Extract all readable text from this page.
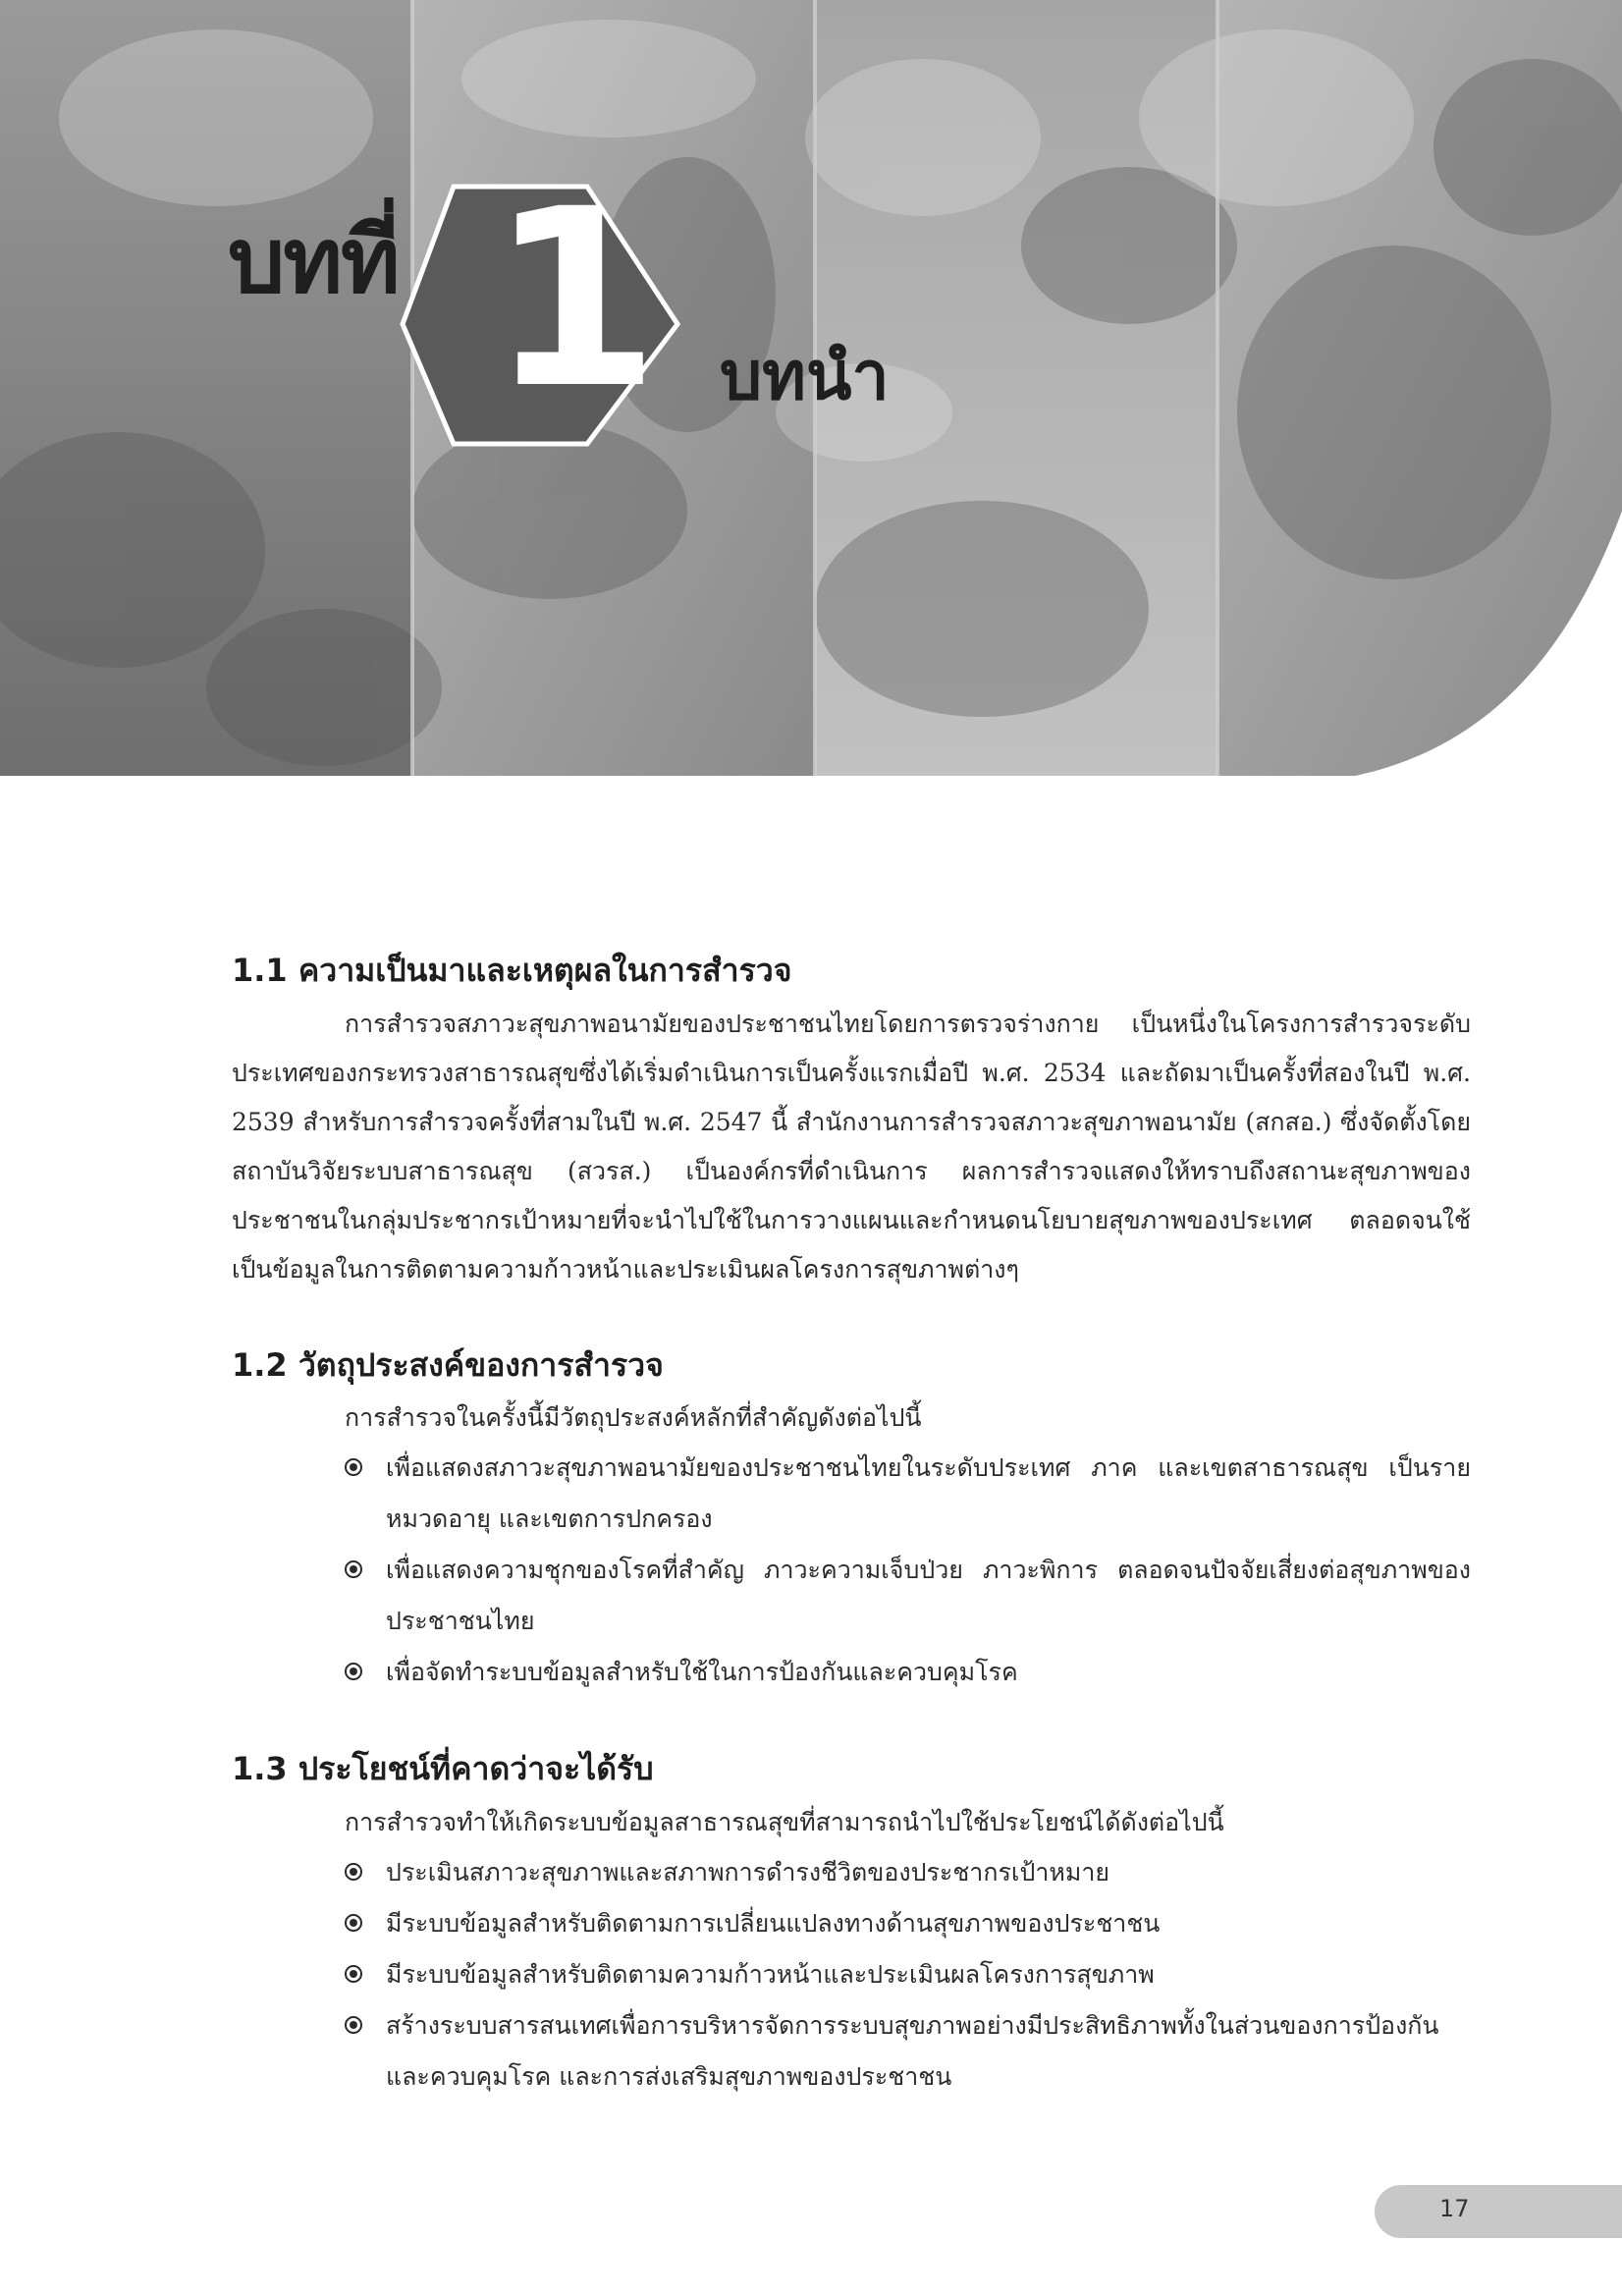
บทที่ 1 บทนำ
1.1 ความเป็นมาและเหตุผลในการสำรวจ

การสำรวจสภาวะสุขภาพอนามัยของประชาชนไทยโดยการตรวจร่างกาย เป็นหนึ่งในโครงการสำรวจระดับประเทศของกระทรวงสาธารณสุขซึ่งได้เริ่มดำเนินการเป็นครั้งแรกเมื่อปี พ.ศ. 2534 และถัดมาเป็นครั้งที่สองในปี พ.ศ. 2539 สำหรับการสำรวจครั้งที่สามในปี พ.ศ. 2547 นี้ สำนักงานการสำรวจสภาวะสุขภาพอนามัย (สกสอ.) ซึ่งจัดตั้งโดยสถาบันวิจัยระบบสาธารณสุข (สวรส.) เป็นองค์กรที่ดำเนินการ ผลการสำรวจแสดงให้ทราบถึงสถานะสุขภาพของประชาชนในกลุ่มประชากรเป้าหมายที่จะนำไปใช้ในการวางแผนและกำหนดนโยบายสุขภาพของประเทศ ตลอดจนใช้เป็นข้อมูลในการติดตามความก้าวหน้าและประเมินผลโครงการสุขภาพต่างๆ

1.2 วัตถุประสงค์ของการสำรวจ
การสำรวจในครั้งนี้มีวัตถุประสงค์หลักที่สำคัญดังต่อไปนี้
เพื่อแสดงสภาวะสุขภาพอนามัยของประชาชนไทยในระดับประเทศ ภาค และเขตสาธารณสุข เป็นรายหมวดอายุ และเขตการปกครอง
เพื่อแสดงความชุกของโรคที่สำคัญ ภาวะความเจ็บป่วย ภาวะพิการ ตลอดจนปัจจัยเสี่ยงต่อสุขภาพของประชาชนไทย
เพื่อจัดทำระบบข้อมูลสำหรับใช้ในการป้องกันและควบคุมโรค
1.3 ประโยชน์ที่คาดว่าจะได้รับ
การสำรวจทำให้เกิดระบบข้อมูลสาธารณสุขที่สามารถนำไปใช้ประโยชน์ได้ดังต่อไปนี้
ประเมินสภาวะสุขภาพและสภาพการดำรงชีวิตของประชากรเป้าหมาย
มีระบบข้อมูลสำหรับติดตามการเปลี่ยนแปลงทางด้านสุขภาพของประชาชน
มีระบบข้อมูลสำหรับติดตามความก้าวหน้าและประเมินผลโครงการสุขภาพ
สร้างระบบสารสนเทศเพื่อการบริหารจัดการระบบสุขภาพอย่างมีประสิทธิภาพทั้งในส่วนของการป้องกันและควบคุมโรค และการส่งเสริมสุขภาพของประชาชน
17
